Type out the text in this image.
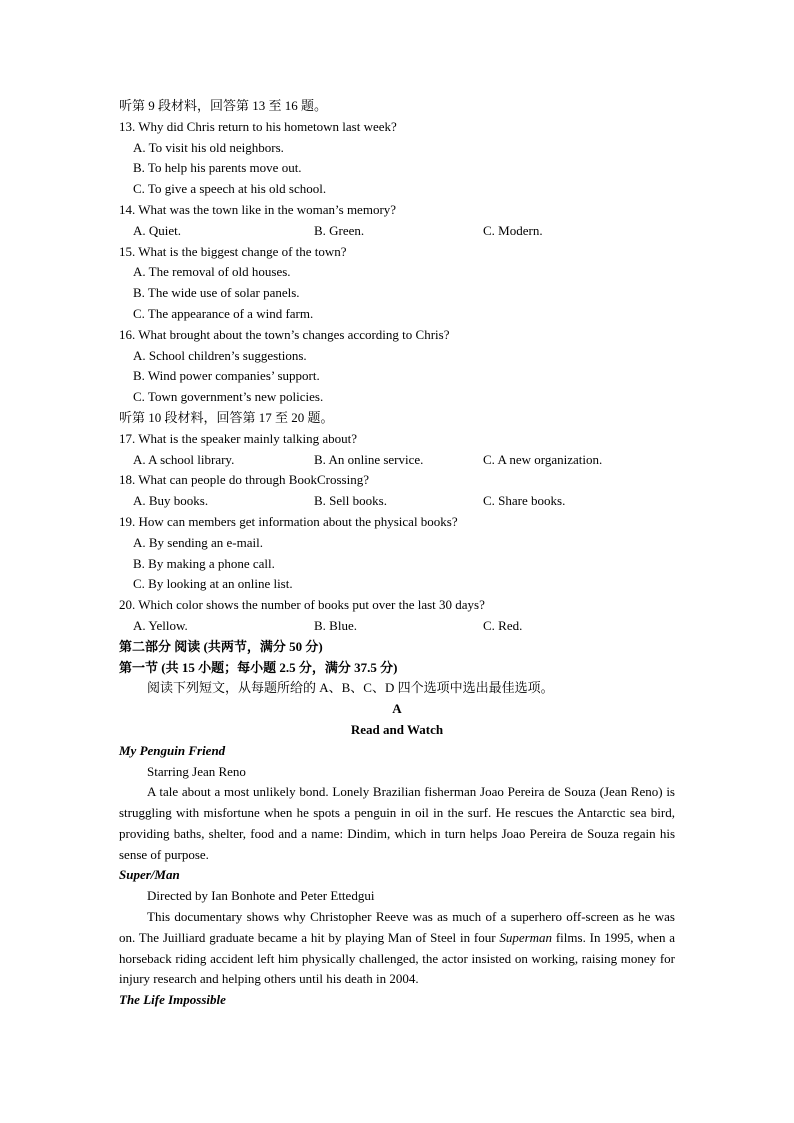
听第 9 段材料，回答第 13 至 16 题。
13. Why did Chris return to his hometown last week?
A. To visit his old neighbors.
B. To help his parents move out.
C. To give a speech at his old school.
14. What was the town like in the woman’s memory?
A. Quiet.	B. Green.	C. Modern.
15. What is the biggest change of the town?
A. The removal of old houses.
B. The wide use of solar panels.
C. The appearance of a wind farm.
16. What brought about the town’s changes according to Chris?
A. School children’s suggestions.
B. Wind power companies’ support.
C. Town government’s new policies.
听第 10 段材料，回答第 17 至 20 题。
17. What is the speaker mainly talking about?
A. A school library.	B. An online service.	C. A new organization.
18. What can people do through BookCrossing?
A. Buy books.	B. Sell books.	C. Share books.
19. How can members get information about the physical books?
A. By sending an e-mail.
B. By making a phone call.
C. By looking at an online list.
20. Which color shows the number of books put over the last 30 days?
A. Yellow.	B. Blue.	C. Red.
第二部分 阅读 (共两节，满分 50 分)
第一节 (共 15 小题；每小题 2.5 分，满分 37.5 分)
阅读下列短文，从每题所给的 A、B、C、D 四个选项中选出最佳选项。
A
Read and Watch
My Penguin Friend
Starring Jean Reno
A tale about a most unlikely bond. Lonely Brazilian fisherman Joao Pereira de Souza (Jean Reno) is struggling with misfortune when he spots a penguin in oil in the surf. He rescues the Antarctic sea bird, providing baths, shelter, food and a name: Dindim, which in turn helps Joao Pereira de Souza regain his sense of purpose.
Super/Man
Directed by Ian Bonhote and Peter Ettedgui
This documentary shows why Christopher Reeve was as much of a superhero off-screen as he was on. The Juilliard graduate became a hit by playing Man of Steel in four Superman films. In 1995, when a horseback riding accident left him physically challenged, the actor insisted on working, raising money for injury research and helping others until his death in 2004.
The Life Impossible
